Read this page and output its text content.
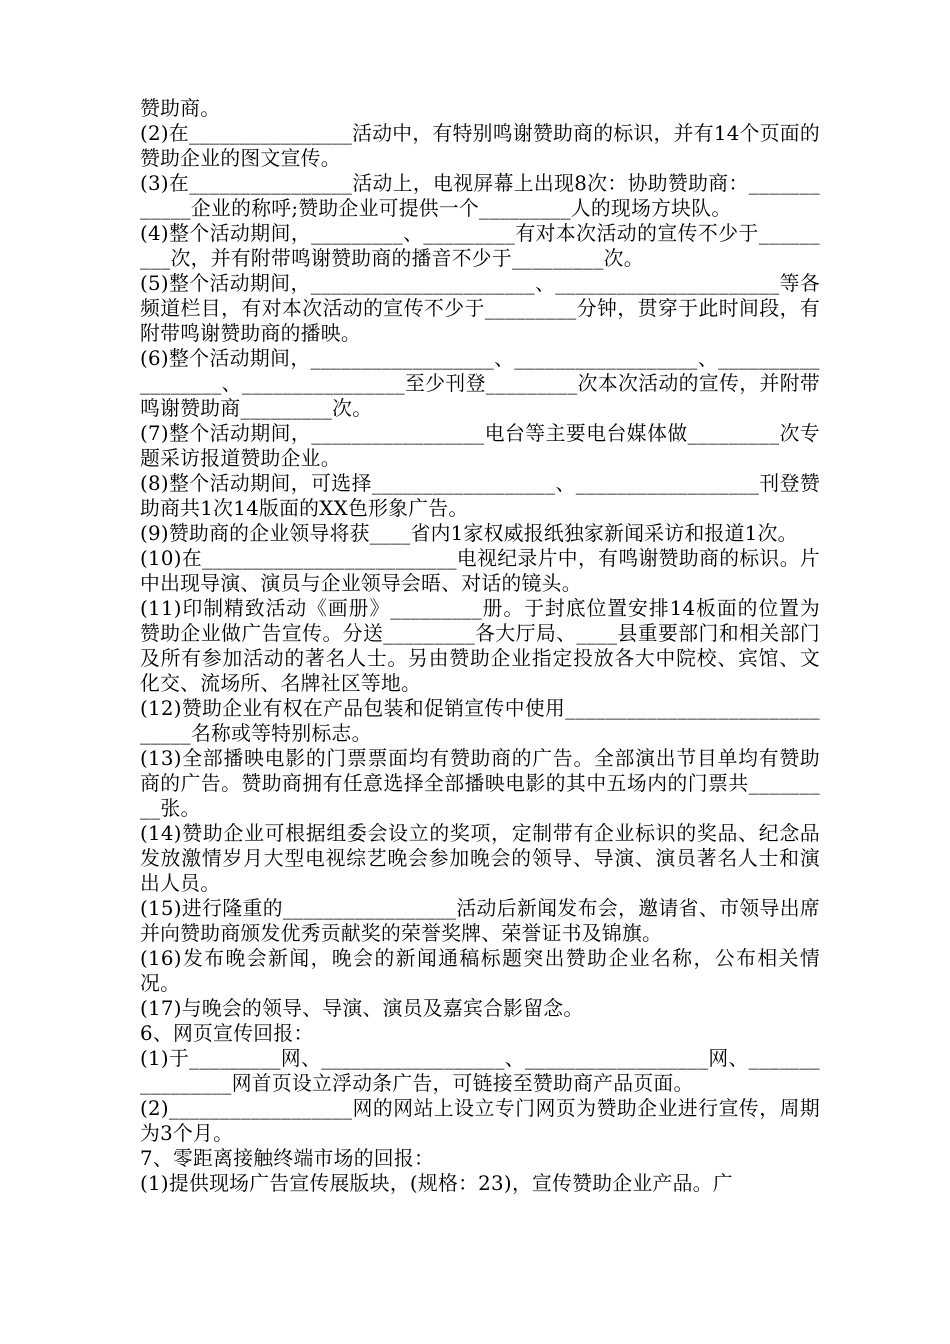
赞助商。

(2)在________________活动中，有特别鸣谢赞助商的标识，并有14个页面的赞助企业的图文宣传。

(3)在________________活动上，电视屏幕上出现8次：协助赞助商：____________企业的称呼;赞助企业可提供一个_________人的现场方块队。

(4)整个活动期间，_________、_________有对本次活动的宣传不少于_________次，并有附带鸣谢赞助商的播音不少于_________次。

(5)整个活动期间，______________________、______________________等各频道栏目，有对本次活动的宣传不少于_________分钟，贯穿于此时间段，有附带鸣谢赞助商的播映。

(6)整个活动期间，__________________、__________________、__________________、________________至少刊登_________次本次活动的宣传，并附带鸣谢赞助商_________次。

(7)整个活动期间，_________________电台等主要电台媒体做_________次专题采访报道赞助企业。

(8)整个活动期间，可选择__________________、__________________刊登赞助商共1次14版面的XX色形象广告。

(9)赞助商的企业领导将获____省内1家权威报纸独家新闻采访和报道1次。

(10)在_________________________电视纪录片中，有鸣谢赞助商的标识。片中出现导演、演员与企业领导会晤、对话的镜头。

(11)印制精致活动《画册》_________册。于封底位置安排14板面的位置为赞助企业做广告宣传。分送_________各大厅局、____县重要部门和相关部门及所有参加活动的著名人士。另由赞助企业指定投放各大中院校、宾馆、文化交、流场所、名牌社区等地。

(12)赞助企业有权在产品包装和促销宣传中使用______________________________名称或等特别标志。

(13)全部播映电影的门票票面均有赞助商的广告。全部演出节目单均有赞助商的广告。赞助商拥有任意选择全部播映电影的其中五场内的门票共_________张。

(14)赞助企业可根据组委会设立的奖项，定制带有企业标识的奖品、纪念品发放激情岁月大型电视综艺晚会参加晚会的领导、导演、演员著名人士和演出人员。

(15)进行隆重的_________________活动后新闻发布会，邀请省、市领导出席并向赞助商颁发优秀贡献奖的荣誉奖牌、荣誉证书及锦旗。

(16)发布晚会新闻，晚会的新闻通稿标题突出赞助企业名称，公布相关情况。

(17)与晚会的领导、导演、演员及嘉宾合影留念。

6、网页宣传回报：

(1)于_________网、__________________、__________________网、________________网首页设立浮动条广告，可链接至赞助商产品页面。

(2)__________________网的网站上设立专门网页为赞助企业进行宣传，周期为3个月。

7、零距离接触终端市场的回报：

(1)提供现场广告宣传展版块，(规格：23)，宣传赞助企业产品。广
